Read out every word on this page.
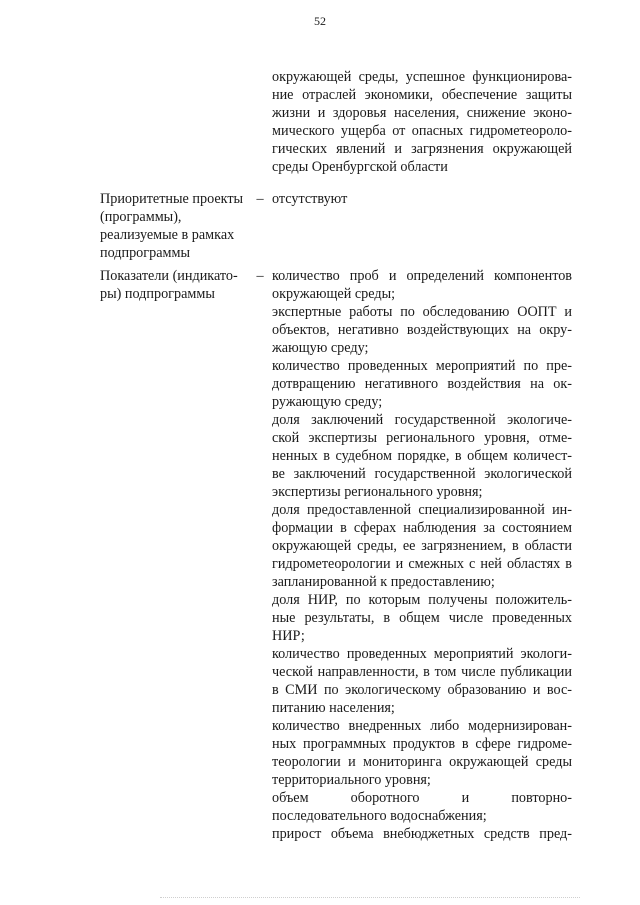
52
окружающей среды, успешное функционирова-
ние отраслей экономики, обеспечение защиты
жизни и здоровья населения, снижение эконо-
мического ущерба от опасных гидрометеороло-
гических явлений и загрязнения окружающей
среды Оренбургской области
Приоритетные проекты
(программы),
реализуемые в рамках
подпрограммы
– отсутствуют
Показатели (индикато-
ры) подпрограммы
– количество проб и определений компонентов
окружающей среды;
экспертные работы по обследованию ООПТ и
объектов, негативно воздействующих на окру-
жающую среду;
количество проведенных мероприятий по пре-
дотвращению негативного воздействия на ок-
ружающую среду;
доля заключений государственной экологиче-
ской экспертизы регионального уровня, отме-
ненных в судебном порядке, в общем количест-
ве заключений государственной экологической
экспертизы регионального уровня;
доля предоставленной специализированной ин-
формации в сферах наблюдения за состоянием
окружающей среды, ее загрязнением, в области
гидрометеорологии и смежных с ней областях в
запланированной к предоставлению;
доля НИР, по которым получены положитель-
ные результаты, в общем числе проведенных
НИР;
количество проведенных мероприятий экологи-
ческой направленности, в том числе публикации
в СМИ по экологическому образованию и вос-
питанию населения;
количество внедренных либо модернизирован-
ных программных продуктов в сфере гидроме-
теорологии и мониторинга окружающей среды
территориального уровня;
объем оборотного и повторно-
последовательного водоснабжения;
прирост объема внебюджетных средств пред-
